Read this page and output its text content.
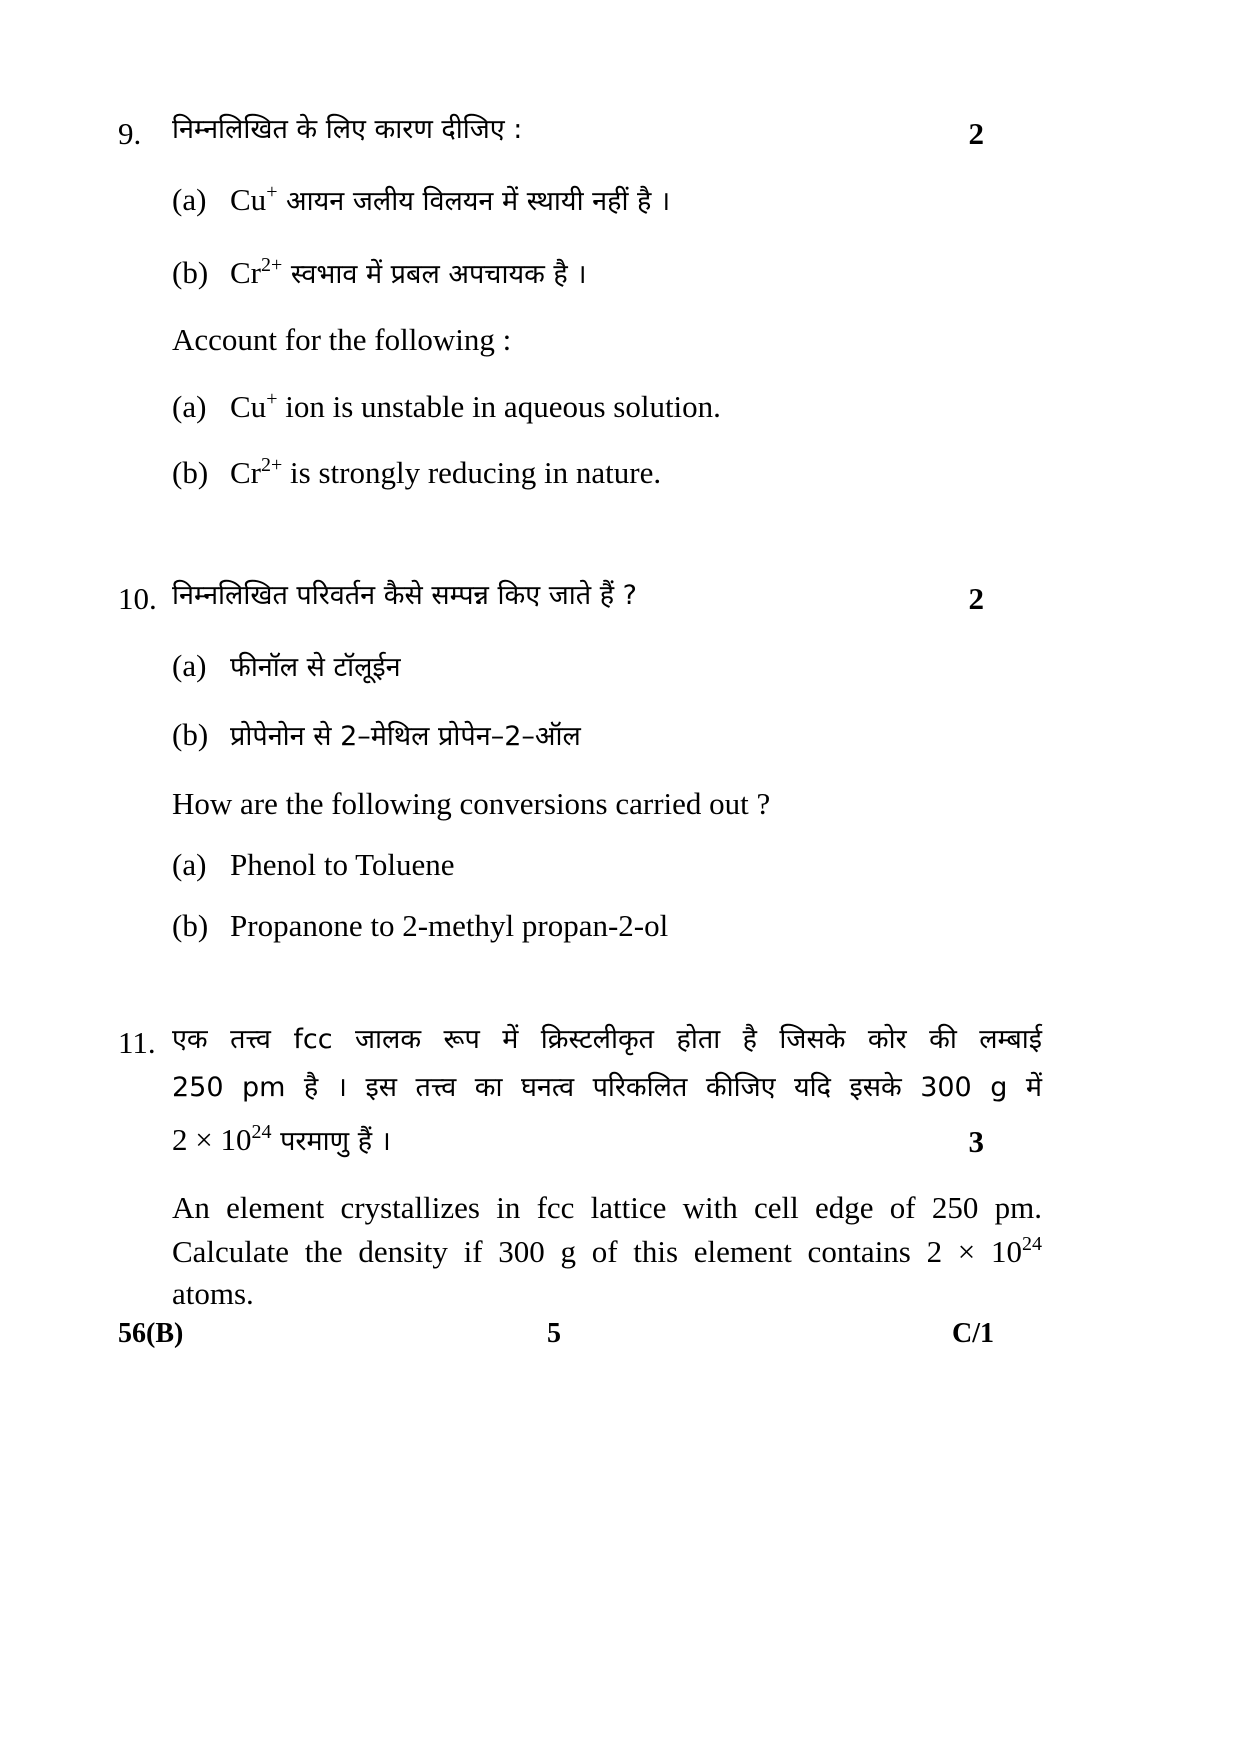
9. निम्नलिखित के लिए कारण दीजिए :	2
(a) Cu+ आयन जलीय विलयन में स्थायी नहीं है ।
(b) $Cr^{2+}$ स्वभाव में प्रबल अपचायक है ।
Account for the following :
(a) Cu+ ion is unstable in aqueous solution.
(b) $Cr^{2+}$ is strongly reducing in nature.
10. निम्नलिखित परिवर्तन कैसे सम्पन्न किए जाते हैं ?	2
(a) फीनॉल से टॉलूईन
(b) प्रोपेनोन से 2–मेथिल प्रोपेन–2–ऑल
How are the following conversions carried out ?
(a) Phenol to Toluene
(b) Propanone to 2-methyl propan-2-ol
11. एक तत्त्व fcc जालक रूप में क्रिस्टलीकृत होता है जिसके कोर की लम्बाई
250 pm है । इस तत्त्व का घनत्व परिकलित कीजिए यदि इसके 300 g में
$2 \times 10^{24}$ परमाणु हैं ।	3
An element crystallizes in fcc lattice with cell edge of 250 pm.
Calculate the density if 300 g of this element contains $2 \times 10^{24}$
atoms.
56(B)	5	C/1
